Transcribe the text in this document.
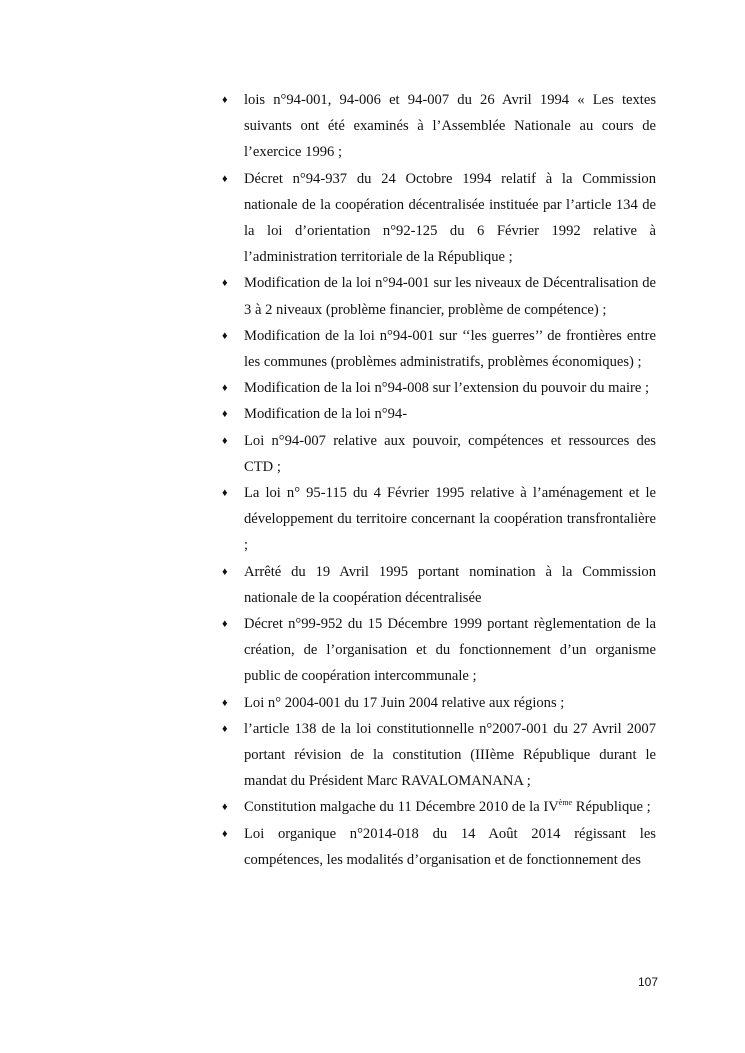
♦ lois n°94-001, 94-006 et 94-007 du 26 Avril 1994 « Les textes suivants ont été examinés à l’Assemblée Nationale au cours de l’exercice 1996 ;
♦ Décret n°94-937 du 24 Octobre 1994 relatif à la Commission nationale de la coopération décentralisée instituée par l’article 134 de la loi d’orientation n°92-125 du 6 Février 1992 relative à l’administration territoriale de la République ;
♦ Modification de la loi n°94-001 sur les niveaux de Décentralisation de 3 à 2 niveaux (problème financier, problème de compétence) ;
♦ Modification de la loi n°94-001 sur ‘‘les guerres’’ de frontières entre les communes (problèmes administratifs, problèmes économiques) ;
♦ Modification de la loi n°94-008 sur l’extension du pouvoir du maire ;
♦ Modification de la loi n°94-
♦ Loi n°94-007 relative aux pouvoir, compétences et ressources des CTD ;
♦ La loi n° 95-115 du 4 Février 1995 relative à l’aménagement et le développement du territoire concernant la coopération transfrontalière ;
♦ Arrêté du 19 Avril 1995 portant nomination à la Commission nationale de la coopération décentralisée
♦ Décret n°99-952 du 15 Décembre 1999 portant règlementation de la création, de l’organisation et du fonctionnement d’un organisme public de coopération intercommunale ;
♦ Loi n° 2004-001 du 17 Juin 2004 relative aux régions ;
♦ l’article 138 de la loi constitutionnelle n°2007-001 du 27 Avril 2007 portant révision de la constitution (IIIème République durant le mandat du Président Marc RAVALOMANANA ;
♦ Constitution malgache du 11 Décembre 2010 de la IVème République ;
♦ Loi organique n°2014-018 du 14 Août 2014 régissant les compétences, les modalités d’organisation et de fonctionnement des
107
